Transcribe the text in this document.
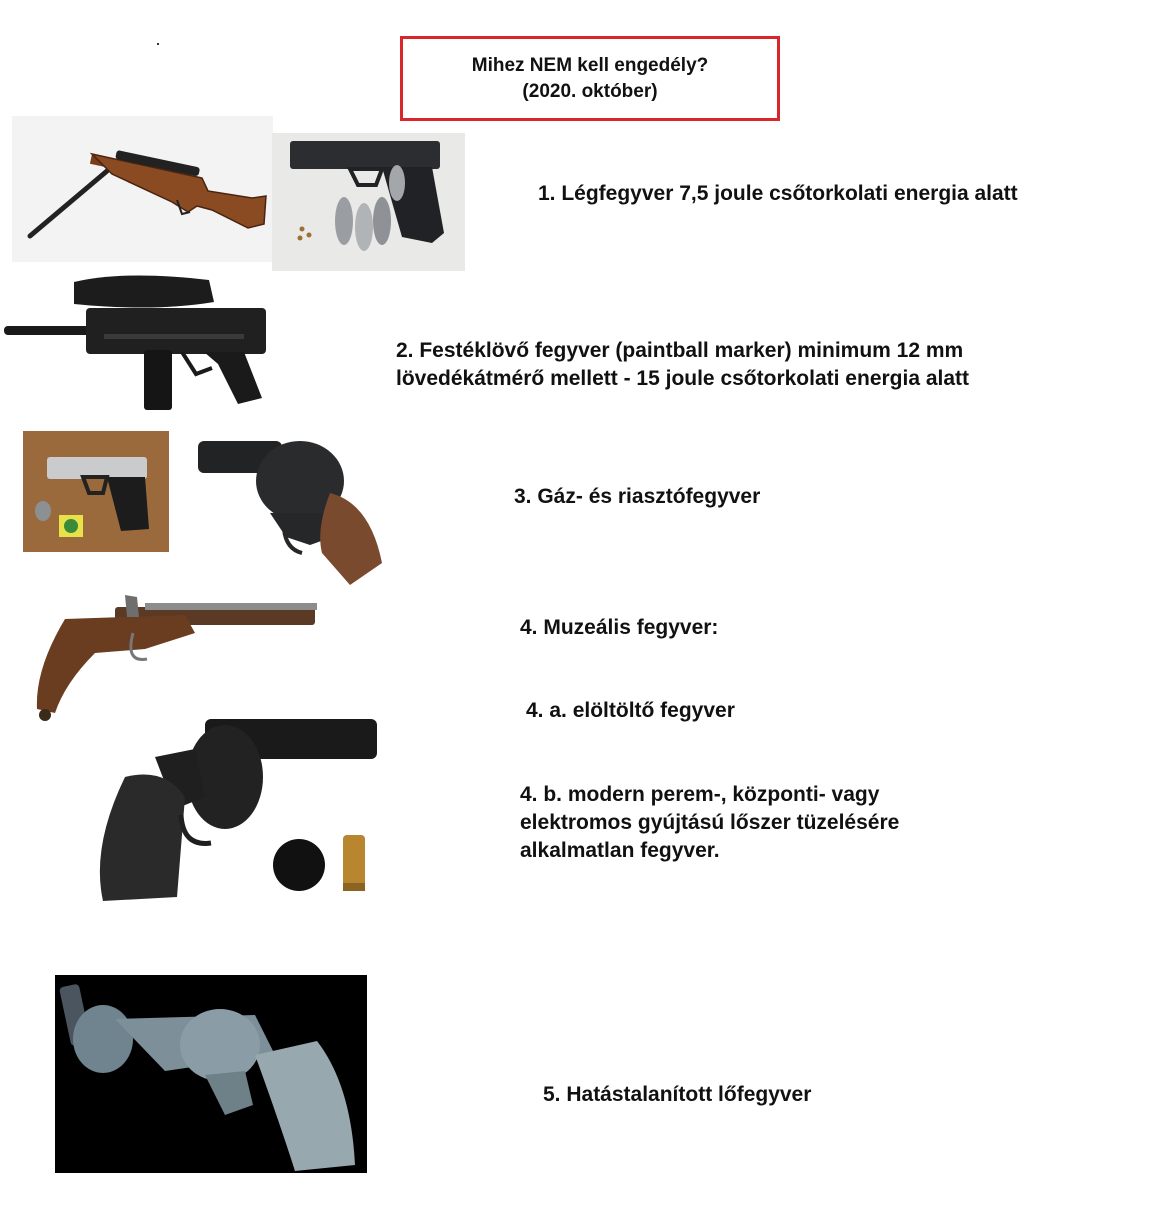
Mihez NEM kell engedély?
(2020. október)
1. Légfegyver 7,5 joule csőtorkolati energia alatt
2. Festéklövő fegyver (paintball marker) minimum 12 mm
lövedékátmérő mellett - 15 joule csőtorkolati energia alatt
3. Gáz- és riasztófegyver
4. Muzeális fegyver:
4. a. elöltöltő fegyver
4. b. modern perem-, központi- vagy
elektromos gyújtású lőszer tüzelésére
alkalmatlan fegyver.
5. Hatástalanított lőfegyver
